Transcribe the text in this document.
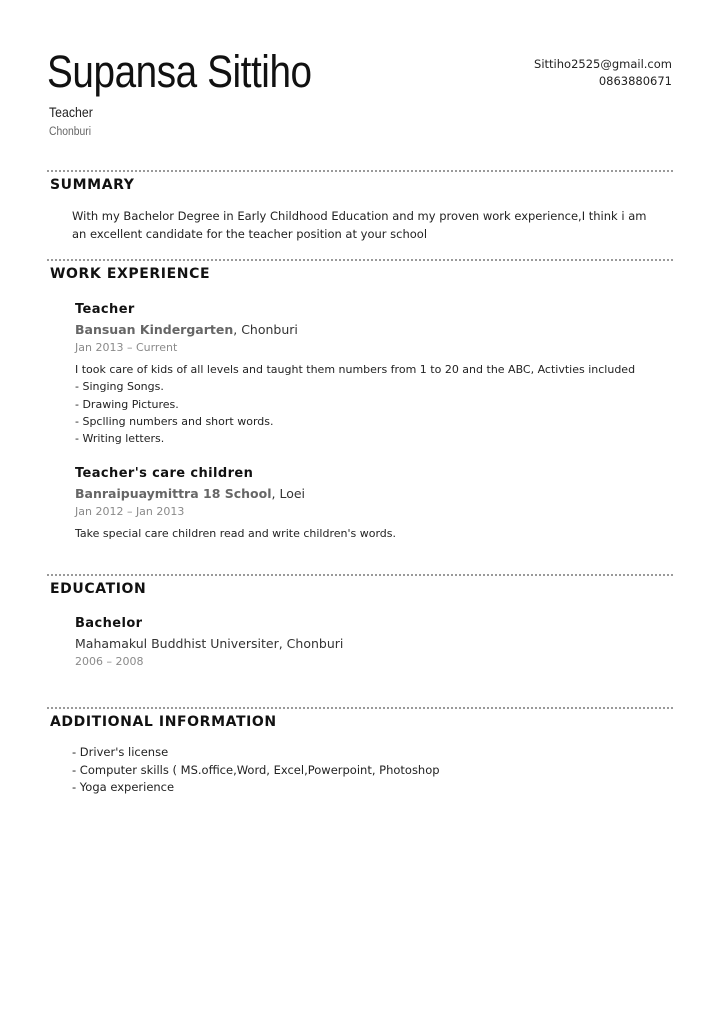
Supansa Sittiho
Teacher
Chonburi
Sittiho2525@gmail.com
0863880671
SUMMARY
With my Bachelor Degree in Early Childhood Education and my proven work experience,I think i am an excellent candidate for the teacher position at your school
WORK EXPERIENCE
Teacher
Bansuan Kindergarten, Chonburi
Jan 2013 – Current
I took care of kids of all levels and taught them numbers from 1 to 20 and the ABC, Activties included
- Singing Songs.
- Drawing Pictures.
- Spclling numbers and short words.
- Writing letters.
Teacher's care children
Banraipuaymittra 18 School, Loei
Jan 2012 – Jan 2013
Take special care children read and write children's words.
EDUCATION
Bachelor
Mahamakul Buddhist Universiter, Chonburi
2006 – 2008
ADDITIONAL INFORMATION
- Driver's license
- Computer skills ( MS.office,Word, Excel,Powerpoint, Photoshop
- Yoga experience
